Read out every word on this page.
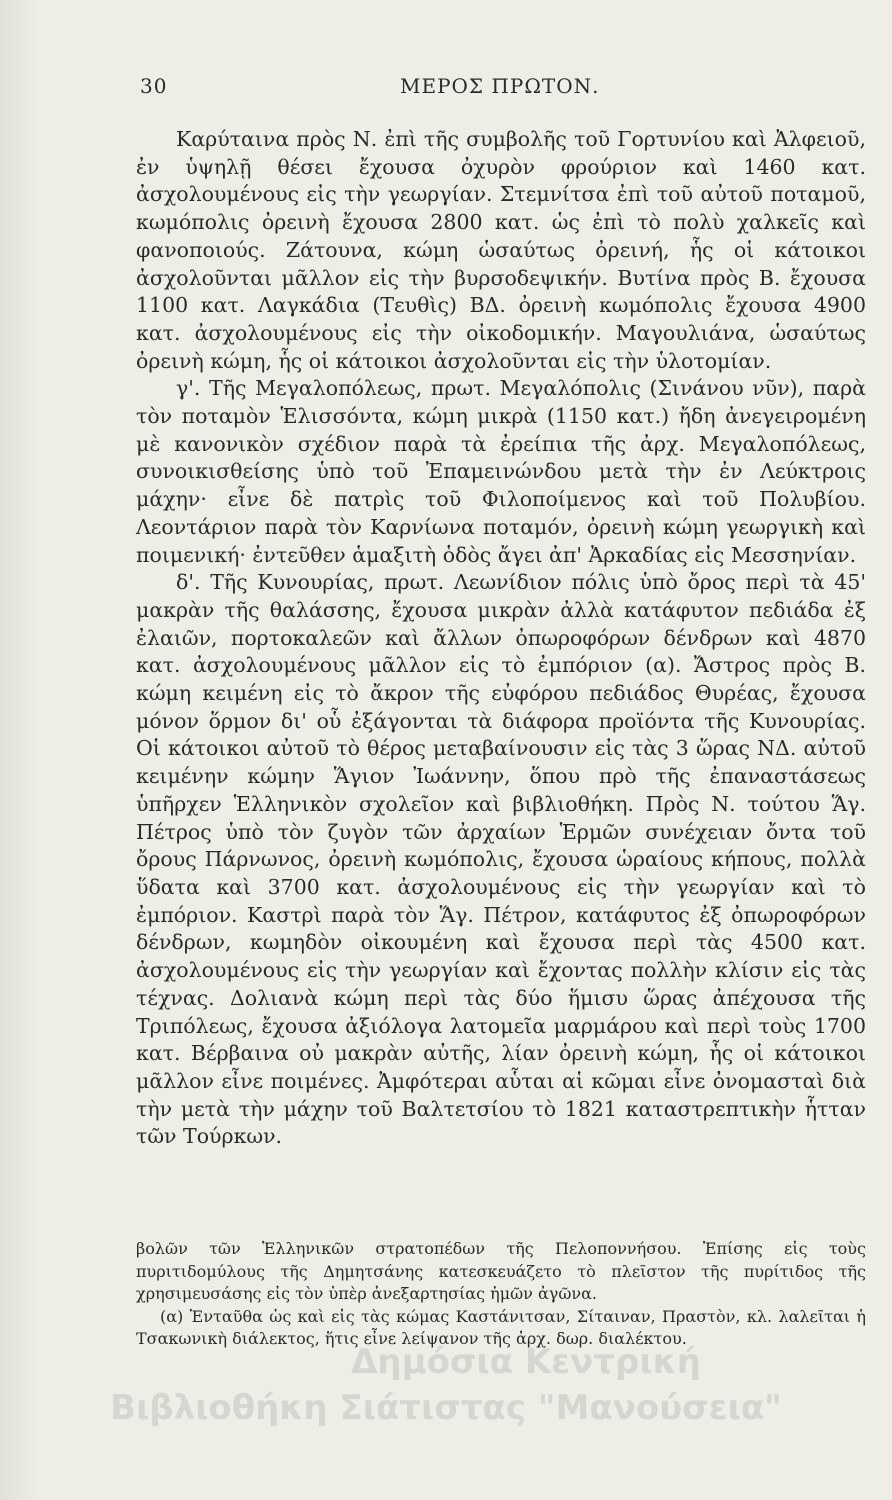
30	ΜΕΡΟΣ ΠΡΩΤΟΝ.

Καρύταινα πρὸς Ν. ἐπὶ τῆς συμβολῆς τοῦ Γορτυνίου καὶ Ἀλφειοῦ, ἐν ὑψηλῇ θέσει ἔχουσα ὀχυρὸν φρούριον καὶ 1460 κατ. ἀσχολουμένους εἰς τὴν γεωργίαν. Στεμνίτσα ἐπὶ τοῦ αὐτοῦ ποταμοῦ, κωμόπολις ὀρεινὴ ἔχουσα 2800 κατ. ὡς ἐπὶ τὸ πολὺ χαλκεῖς καὶ φανοποιούς. Ζάτουνα, κώμη ὡσαύτως ὀρεινή, ἧς οἱ κάτοικοι ἀσχολοῦνται μᾶλλον εἰς τὴν βυρσοδεψικήν. Βυτίνα πρὸς Β. ἔχουσα 1100 κατ. Λαγκάδια (Τευθὶς) ΒΔ. ὀρεινὴ κωμόπολις ἔχουσα 4900 κατ. ἀσχολουμένους εἰς τὴν οἰκοδομικήν. Μαγουλιάνα, ὡσαύτως ὀρεινὴ κώμη, ἧς οἱ κάτοικοι ἀσχολοῦνται εἰς τὴν ὑλοτομίαν.

γ'. Τῆς Μεγαλοπόλεως, πρωτ. Μεγαλόπολις (Σινάνου νῦν), παρὰ τὸν ποταμὸν Ἑλισσόντα, κώμη μικρὰ (1150 κατ.) ἤδη ἀνεγειρομένη μὲ κανονικὸν σχέδιον παρὰ τὰ ἐρείπια τῆς ἀρχ. Μεγαλοπόλεως, συνοικισθείσης ὑπὸ τοῦ Ἐπαμεινώνδου μετὰ τὴν ἐν Λεύκτροις μάχην· εἶνε δὲ πατρὶς τοῦ Φιλοποίμενος καὶ τοῦ Πολυβίου. Λεοντάριον παρὰ τὸν Καρνίωνα ποταμόν, ὀρεινὴ κώμη γεωργικὴ καὶ ποιμενική· ἐντεῦθεν ἁμαξιτὴ ὁδὸς ἄγει ἀπ' Ἀρκαδίας εἰς Μεσσηνίαν.

δ'. Τῆς Κυνουρίας, πρωτ. Λεωνίδιον πόλις ὑπὸ ὄρος περὶ τὰ 45' μακρὰν τῆς θαλάσσης, ἔχουσα μικρὰν ἀλλὰ κατάφυτον πεδιάδα ἐξ ἐλαιῶν, πορτοκαλεῶν καὶ ἄλλων ὀπωροφόρων δένδρων καὶ 4870 κατ. ἀσχολουμένους μᾶλλον εἰς τὸ ἐμπόριον (α). Ἄστρος πρὸς Β. κώμη κειμένη εἰς τὸ ἄκρον τῆς εὐφόρου πεδιάδος Θυρέας, ἔχουσα μόνον ὅρμον δι' οὗ ἐξάγονται τὰ διάφορα προϊόντα τῆς Κυνουρίας. Οἱ κάτοικοι αὐτοῦ τὸ θέρος μεταβαίνουσιν εἰς τὰς 3 ὥρας ΝΔ. αὐτοῦ κειμένην κώμην Ἅγιον Ἰωάννην, ὅπου πρὸ τῆς ἐπαναστάσεως ὑπῆρχεν Ἑλληνικὸν σχολεῖον καὶ βιβλιοθήκη. Πρὸς Ν. τούτου Ἅγ. Πέτρος ὑπὸ τὸν ζυγὸν τῶν ἀρχαίων Ἑρμῶν συνέχειαν ὄντα τοῦ ὄρους Πάρνωνος, ὀρεινὴ κωμόπολις, ἔχουσα ὡραίους κήπους, πολλὰ ὕδατα καὶ 3700 κατ. ἀσχολουμένους εἰς τὴν γεωργίαν καὶ τὸ ἐμπόριον. Καστρὶ παρὰ τὸν Ἅγ. Πέτρον, κατάφυτος ἐξ ὀπωροφόρων δένδρων, κωμηδὸν οἰκουμένη καὶ ἔχουσα περὶ τὰς 4500 κατ. ἀσχολουμένους εἰς τὴν γεωργίαν καὶ ἔχοντας πολλὴν κλίσιν εἰς τὰς τέχνας. Δολιανὰ κώμη περὶ τὰς δύο ἥμισυ ὥρας ἀπέχουσα τῆς Τριπόλεως, ἔχουσα ἀξιόλογα λατομεῖα μαρμάρου καὶ περὶ τοὺς 1700 κατ. Βέρβαινα οὐ μακρὰν αὐτῆς, λίαν ὀρεινὴ κώμη, ἧς οἱ κάτοικοι μᾶλλον εἶνε ποιμένες. Ἀμφότεραι αὗται αἱ κῶμαι εἶνε ὀνομασταὶ διὰ τὴν μετὰ τὴν μάχην τοῦ Βαλτετσίου τὸ 1821 καταστρεπτικὴν ἧτταν τῶν Τούρκων.

βολῶν τῶν Ἑλληνικῶν στρατοπέδων τῆς Πελοποννήσου. Ἐπίσης εἰς τοὺς πυριτιδομύλους τῆς Δημητσάνης κατεσκευάζετο τὸ πλεῖστον τῆς πυρίτιδος τῆς χρησιμευσάσης εἰς τὸν ὑπὲρ ἀνεξαρτησίας ἡμῶν ἀγῶνα.

(α) Ἐνταῦθα ὡς καὶ εἰς τὰς κώμας Καστάνιτσαν, Σίταιναν, Πραστὸν, κλ. λαλεῖται ἡ Τσακωνικὴ διάλεκτος, ἥτις εἶνε λείψανον τῆς ἀρχ. δωρ. διαλέκτου.

Δημόσια Κεντρική
Βιβλιοθήκη Σιάτιστας "Μανούσεια"
